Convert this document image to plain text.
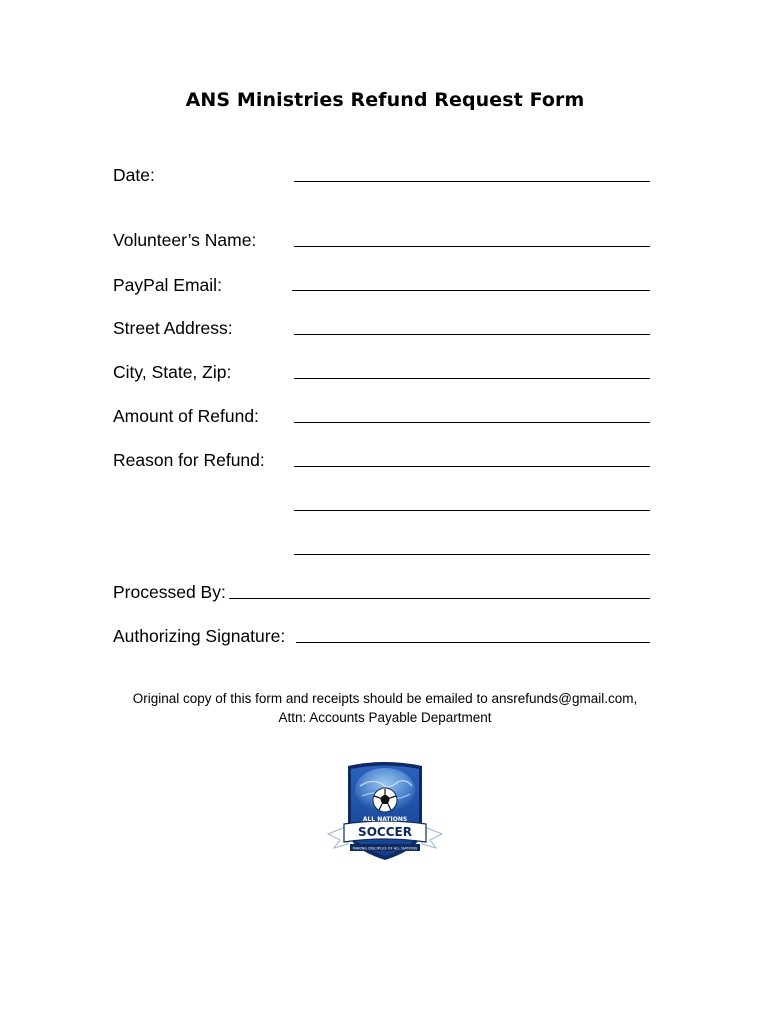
ANS Ministries Refund Request Form
Date:
Volunteer’s Name:
PayPal Email:
Street Address:
City, State, Zip:
Amount of Refund:
Reason for Refund:
Processed By:
Authorizing Signature:
Original copy of this form and receipts should be emailed to ansrefunds@gmail.com,
Attn: Accounts Payable Department
ALL NATIONS
SOCCER
MAKING DISCIPLES OF ALL NATIONS
